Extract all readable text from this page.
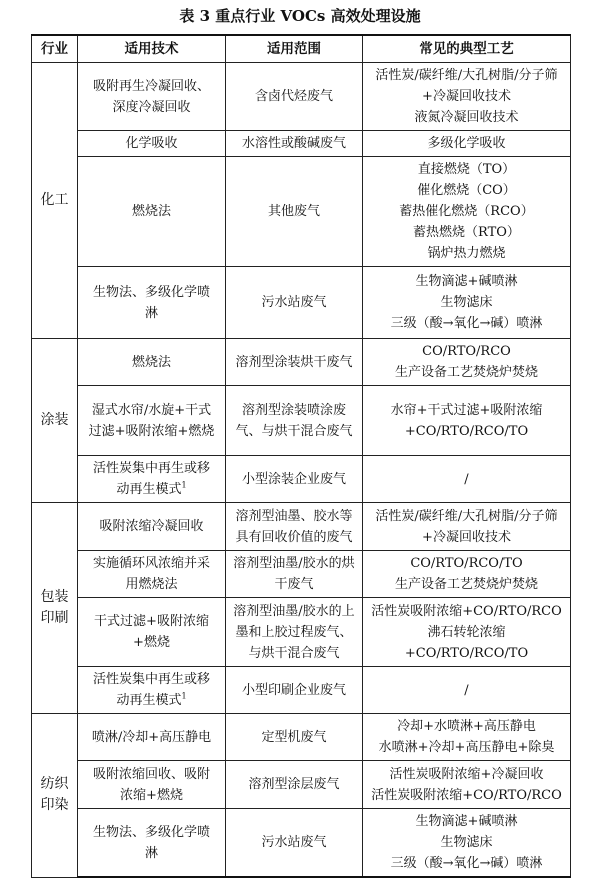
表 3 重点行业 VOCs 高效处理设施
行业	适用技术	适用范围	常见的典型工艺
化工	吸附再生冷凝回收、深度冷凝回收	含卤代烃废气	活性炭/碳纤维/大孔树脂/分子筛+冷凝回收技术
液氮冷凝回收技术

	化学吸收	水溶性或酸碱废气	多级化学吸收

	燃烧法	其他废气	直接燃烧（TO）
催化燃烧（CO）
蓄热催化燃烧（RCO）
蓄热燃烧（RTO）
锅炉热力燃烧

	生物法、多级化学喷淋	污水站废气	生物滴滤+碱喷淋
生物滤床
三级（酸→氧化→碱）喷淋

涂装	燃烧法	溶剂型涂装烘干废气	CO/RTO/RCO
生产设备工艺焚烧炉焚烧

	湿式水帘/水旋+干式过滤+吸附浓缩+燃烧	溶剂型涂装喷涂废气、与烘干混合废气	水帘+干式过滤+吸附浓缩
+CO/RTO/RCO/TO

	活性炭集中再生或移动再生模式$^1$	小型涂装企业废气	/

包装
印刷	吸附浓缩冷凝回收	溶剂型油墨、胶水等具有回收价值的废气	活性炭/碳纤维/大孔树脂/分子筛+冷凝回收技术

	实施循环风浓缩并采用燃烧法	溶剂型油墨/胶水的烘干废气	CO/RTO/RCO/TO
生产设备工艺焚烧炉焚烧

	干式过滤+吸附浓缩+燃烧	溶剂型油墨/胶水的上墨和上胶过程废气、与烘干混合废气	活性炭吸附浓缩+CO/RTO/RCO
沸石转轮浓缩+CO/RTO/RCO/TO

	活性炭集中再生或移动再生模式$^1$	小型印刷企业废气	/

纺织
印染	喷淋/冷却+高压静电	定型机废气	冷却+水喷淋+高压静电
水喷淋+冷却+高压静电+除臭

	吸附浓缩回收、吸附浓缩+燃烧	溶剂型涂层废气	活性炭吸附浓缩+冷凝回收
活性炭吸附浓缩+CO/RTO/RCO

	生物法、多级化学喷淋	污水站废气	生物滴滤+碱喷淋
生物滤床
三级（酸→氧化→碱）喷淋
